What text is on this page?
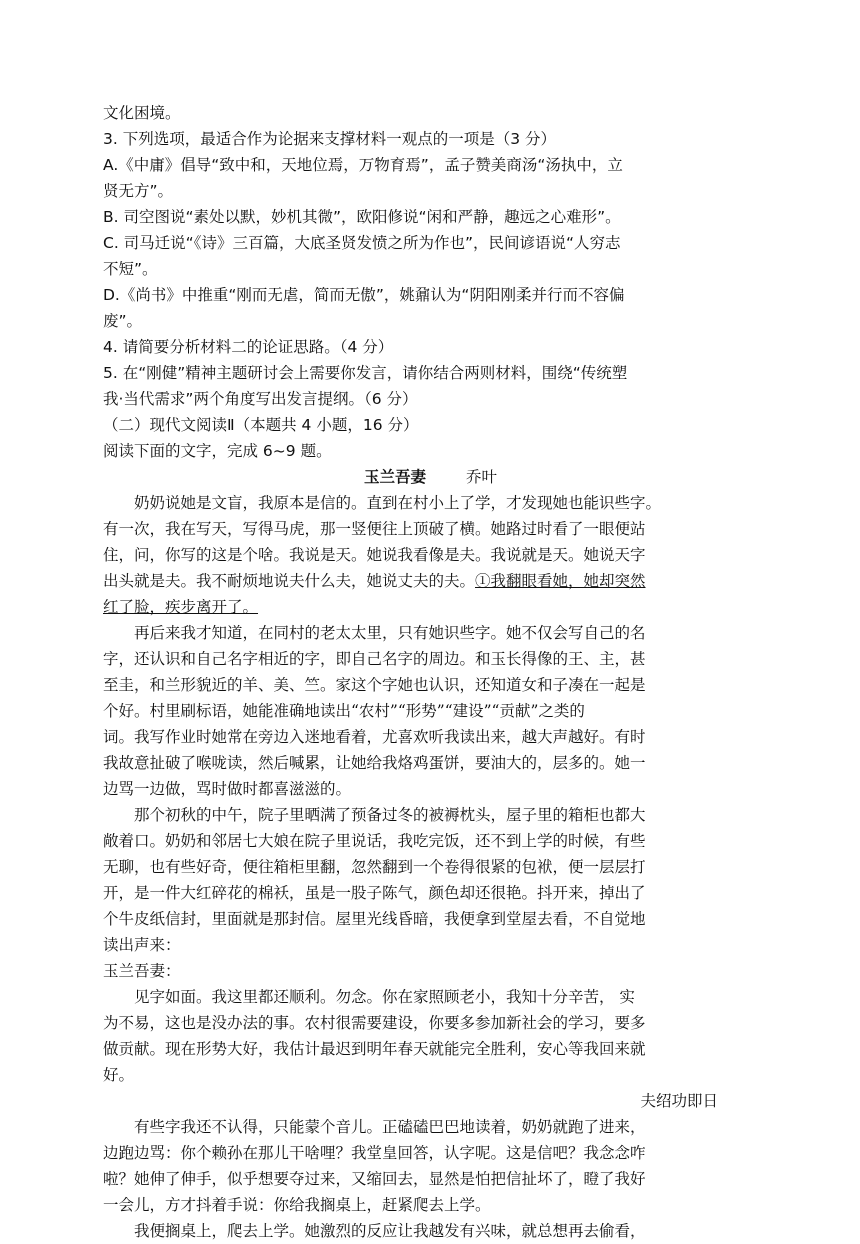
文化困境。
3. 下列选项，最适合作为论据来支撑材料一观点的一项是（3 分）
A.《中庸》倡导“致中和，天地位焉，万物育焉”，孟子赞美商汤“汤执中，立
贤无方”。
B. 司空图说“素处以默，妙机其微”，欧阳修说“闲和严静，趣远之心难形”。
C. 司马迁说“《诗》三百篇，大底圣贤发愤之所为作也”，民间谚语说“人穷志
不短”。
D.《尚书》中推重“刚而无虐，简而无傲”，姚鼐认为“阴阳刚柔并行而不容偏
废”。
4. 请简要分析材料二的论证思路。（4 分）
5. 在“刚健”精神主题研讨会上需要你发言，请你结合两则材料，围绕“传统塑
我·当代需求”两个角度写出发言提纲。（6 分）
（二）现代文阅读Ⅱ（本题共 4 小题，16 分）
阅读下面的文字，完成 6~9 题。
玉兰吾妻	乔叶
奶奶说她是文盲，我原本是信的。直到在村小上了学，才发现她也能识些字。
有一次，我在写天，写得马虎，那一竖便往上顶破了横。她路过时看了一眼便站
住，问，你写的这是个啥。我说是天。她说我看像是夫。我说就是天。她说天字
出头就是夫。我不耐烦地说夫什么夫，她说丈夫的夫。①我翻眼看她，她却突然
红了脸，疾步离开了。
再后来我才知道，在同村的老太太里，只有她识些字。她不仅会写自己的名
字，还认识和自己名字相近的字，即自己名字的周边。和玉长得像的王、主，甚
至圭，和兰形貌近的羊、美、竺。家这个字她也认识，还知道女和子凑在一起是
个好。村里刷标语，她能准确地读出“农村”“形势”“建设”“贡献”之类的
词。我写作业时她常在旁边入迷地看着，尤喜欢听我读出来，越大声越好。有时
我故意扯破了喉咙读，然后喊累，让她给我烙鸡蛋饼，要油大的，层多的。她一
边骂一边做，骂时做时都喜滋滋的。
那个初秋的中午，院子里晒满了预备过冬的被褥枕头，屋子里的箱柜也都大
敞着口。奶奶和邻居七大娘在院子里说话，我吃完饭，还不到上学的时候，有些
无聊，也有些好奇，便往箱柜里翻，忽然翻到一个卷得很紧的包袱，便一层层打
开，是一件大红碎花的棉袄，虽是一股子陈气，颜色却还很艳。抖开来，掉出了
个牛皮纸信封，里面就是那封信。屋里光线昏暗，我便拿到堂屋去看，不自觉地
读出声来：
玉兰吾妻：
见字如面。我这里都还顺利。勿念。你在家照顾老小，我知十分辛苦， 实
为不易，这也是没办法的事。农村很需要建设，你要多参加新社会的学习，要多
做贡献。现在形势大好，我估计最迟到明年春天就能完全胜利，安心等我回来就
好。
夫绍功即日
有些字我还不认得，只能蒙个音儿。正磕磕巴巴地读着，奶奶就跑了进来，
边跑边骂：你个赖孙在那儿干啥哩？我堂皇回答，认字呢。这是信吧？我念念咋
啦？她伸了伸手，似乎想要夺过来，又缩回去，显然是怕把信扯坏了，瞪了我好
一会儿，方才抖着手说：你给我搁桌上，赶紧爬去上学。
我便搁桌上，爬去上学。她激烈的反应让我越发有兴味，就总想再去偷看，
